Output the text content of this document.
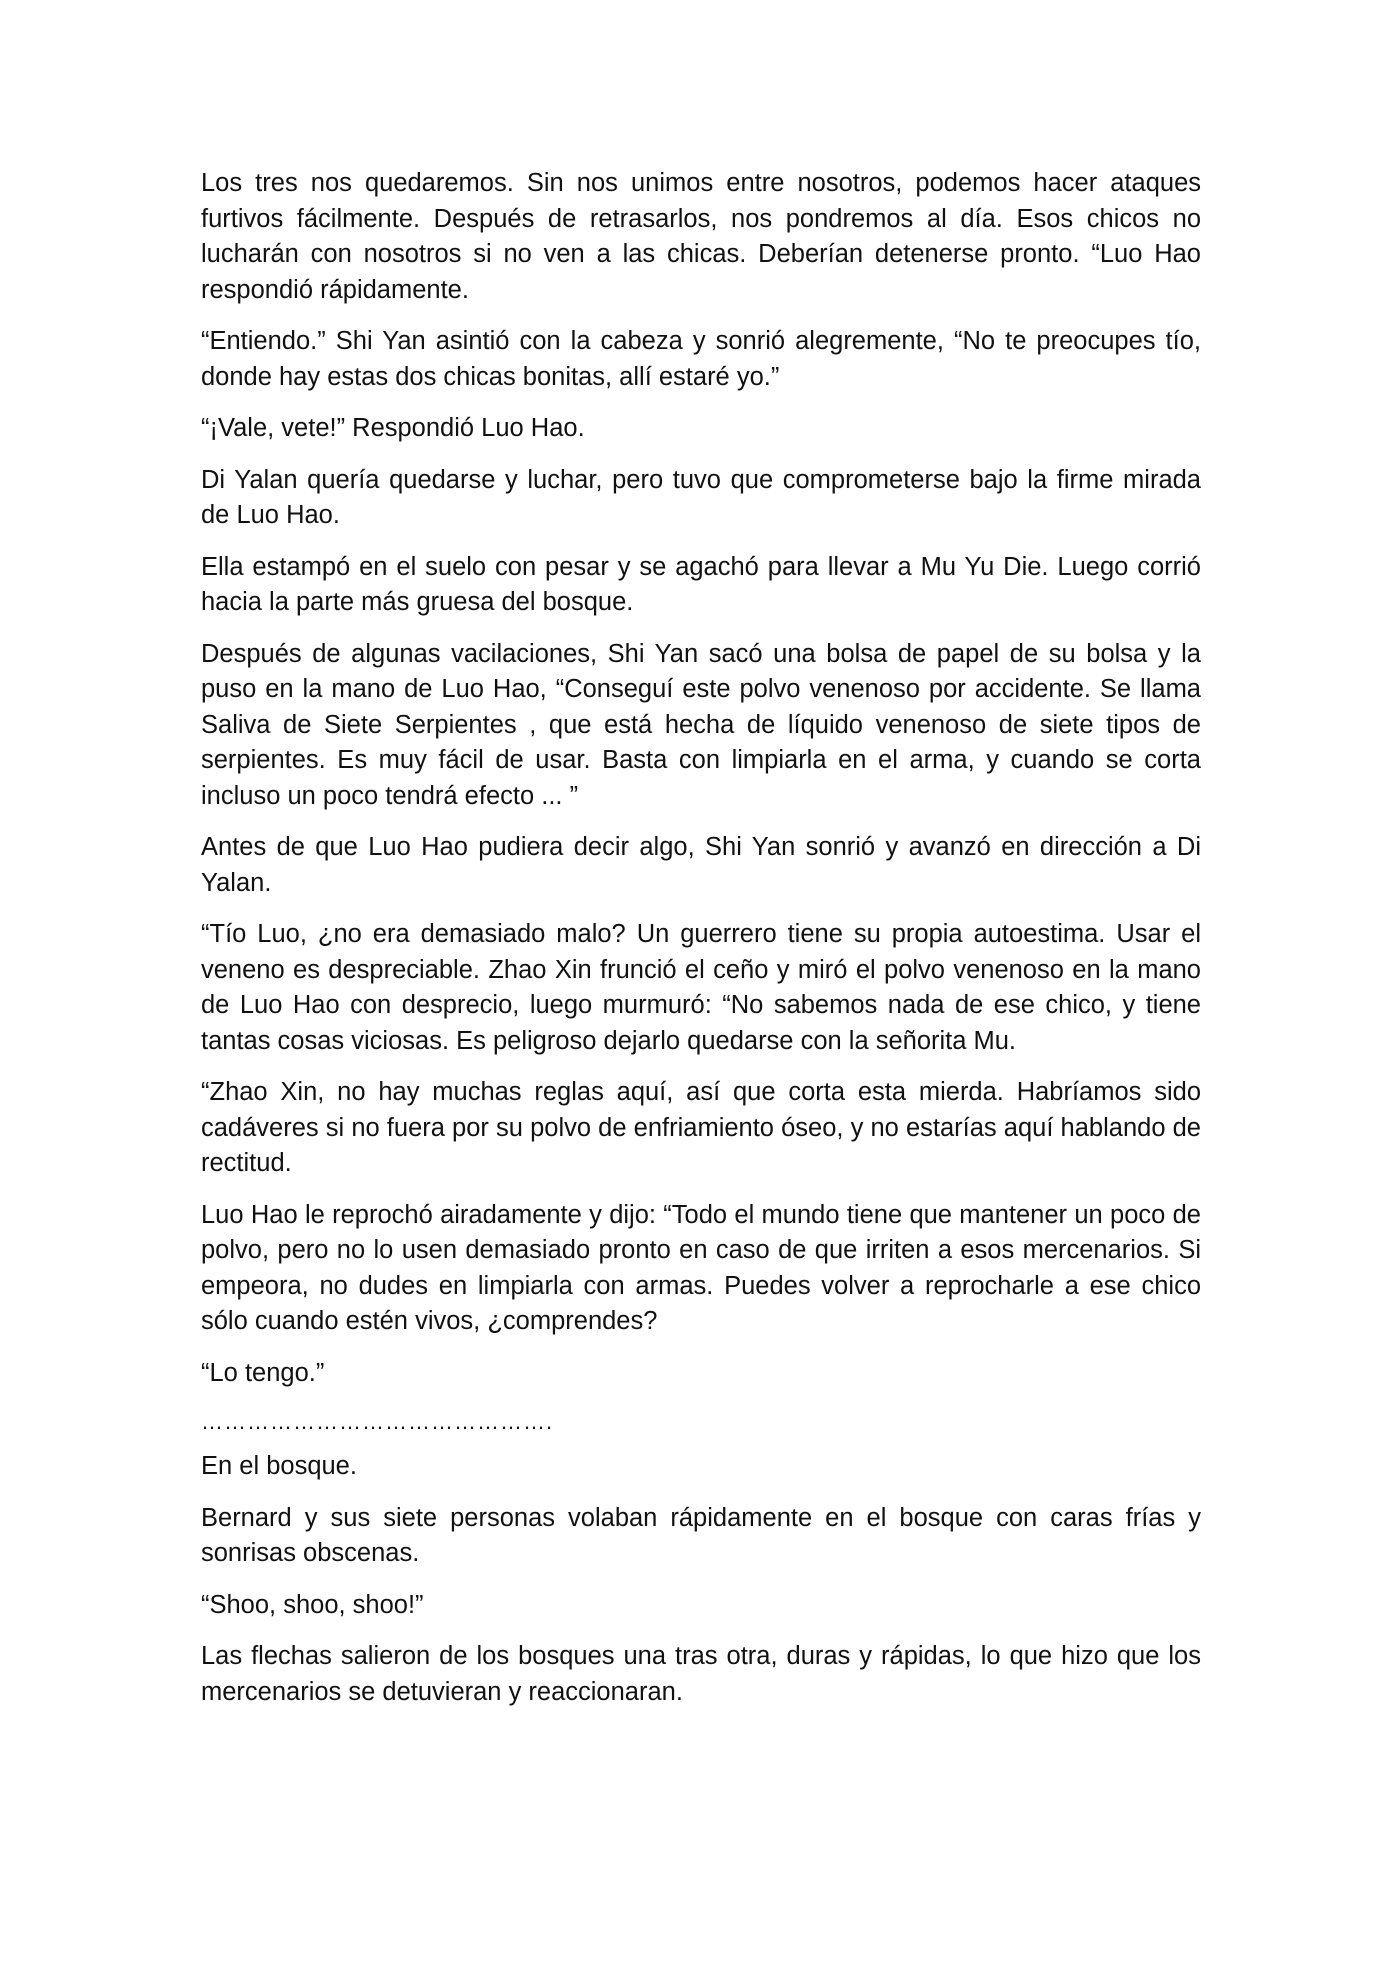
Los tres nos quedaremos. Sin nos unimos entre nosotros, podemos hacer ataques furtivos fácilmente. Después de retrasarlos, nos pondremos al día. Esos chicos no lucharán con nosotros si no ven a las chicas. Deberían detenerse pronto. “Luo Hao respondió rápidamente.

“Entiendo.” Shi Yan asintió con la cabeza y sonrió alegremente, “No te preocupes tío, donde hay estas dos chicas bonitas, allí estaré yo.”

“¡Vale, vete!” Respondió Luo Hao.

Di Yalan quería quedarse y luchar, pero tuvo que comprometerse bajo la firme mirada de Luo Hao.

Ella estampó en el suelo con pesar y se agachó para llevar a Mu Yu Die. Luego corrió hacia la parte más gruesa del bosque.

Después de algunas vacilaciones, Shi Yan sacó una bolsa de papel de su bolsa y la puso en la mano de Luo Hao, “Conseguí este polvo venenoso por accidente. Se llama Saliva de Siete Serpientes , que está hecha de líquido venenoso de siete tipos de serpientes. Es muy fácil de usar. Basta con limpiarla en el arma, y cuando se corta incluso un poco tendrá efecto ... ”

Antes de que Luo Hao pudiera decir algo, Shi Yan sonrió y avanzó en dirección a Di Yalan.

“Tío Luo, ¿no era demasiado malo? Un guerrero tiene su propia autoestima. Usar el veneno es despreciable. Zhao Xin frunció el ceño y miró el polvo venenoso en la mano de Luo Hao con desprecio, luego murmuró: “No sabemos nada de ese chico, y tiene tantas cosas viciosas. Es peligroso dejarlo quedarse con la señorita Mu.

“Zhao Xin, no hay muchas reglas aquí, así que corta esta mierda. Habríamos sido cadáveres si no fuera por su polvo de enfriamiento óseo, y no estarías aquí hablando de rectitud.

Luo Hao le reprochó airadamente y dijo: “Todo el mundo tiene que mantener un poco de polvo, pero no lo usen demasiado pronto en caso de que irriten a esos mercenarios. Si empeora, no dudes en limpiarla con armas. Puedes volver a reprocharle a ese chico sólo cuando estén vivos, ¿comprendes?

“Lo tengo.”

……………………………………….

En el bosque.

Bernard y sus siete personas volaban rápidamente en el bosque con caras frías y sonrisas obscenas.

“Shoo, shoo, shoo!”

Las flechas salieron de los bosques una tras otra, duras y rápidas, lo que hizo que los mercenarios se detuvieran y reaccionaran.
